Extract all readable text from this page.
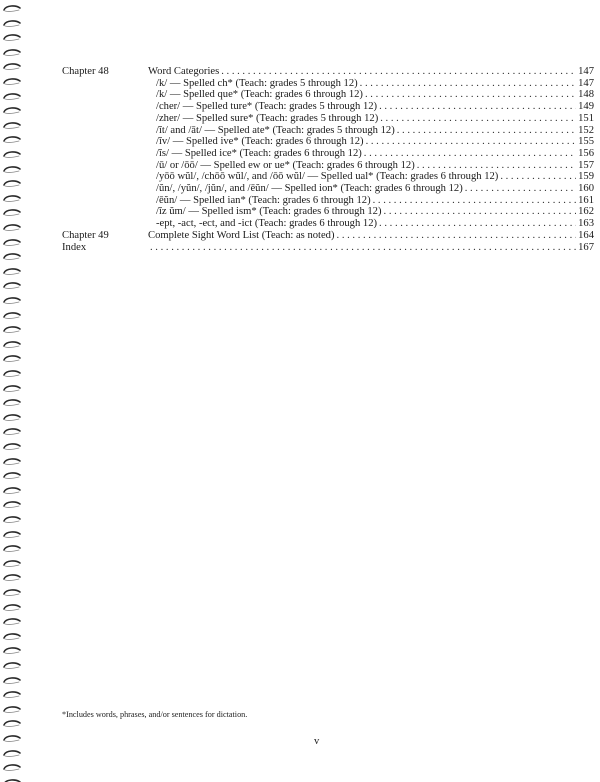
Chapter 48	Word Categories . . .	147
/k/ — Spelled ch* (Teach: grades 5 through 12) . . .	147
/k/ — Spelled que* (Teach: grades 6 through 12) . . .	148
/cher/ — Spelled ture* (Teach: grades 5 through 12) . . .	149
/zher/ — Spelled sure* (Teach: grades 5 through 12) . . .	151
/ĭt/ and /āt/ — Spelled ate* (Teach: grades 5 through 12) . . .	152
/ĭv/ — Spelled ive* (Teach: grades 6 through 12) . . .	155
/ĭs/ — Spelled ice* (Teach: grades 6 through 12) . . .	156
/ū/ or /ōō/ — Spelled ew or ue* (Teach: grades 6 through 12) . . .	157
/yōō wŭl/, /chōō wŭl/, and /ōō wŭl/ — Spelled ual* (Teach: grades 6 through 12) . . .	159
/ŭn/, /yŭn/, /jŭn/, and /ēŭn/ — Spelled ion* (Teach: grades 6 through 12) . . .	160
/ēŭn/ — Spelled ian* (Teach: grades 6 through 12) . . .	161
/ĭz ŭm/ — Spelled ism* (Teach: grades 6 through 12) . . .	162
-ept, -act, -ect, and -ict (Teach: grades 6 through 12) . . .	163
Chapter 49	Complete Sight Word List (Teach: as noted) . . .	164
Index . . .	167
*Includes words, phrases, and/or sentences for dictation.
v
